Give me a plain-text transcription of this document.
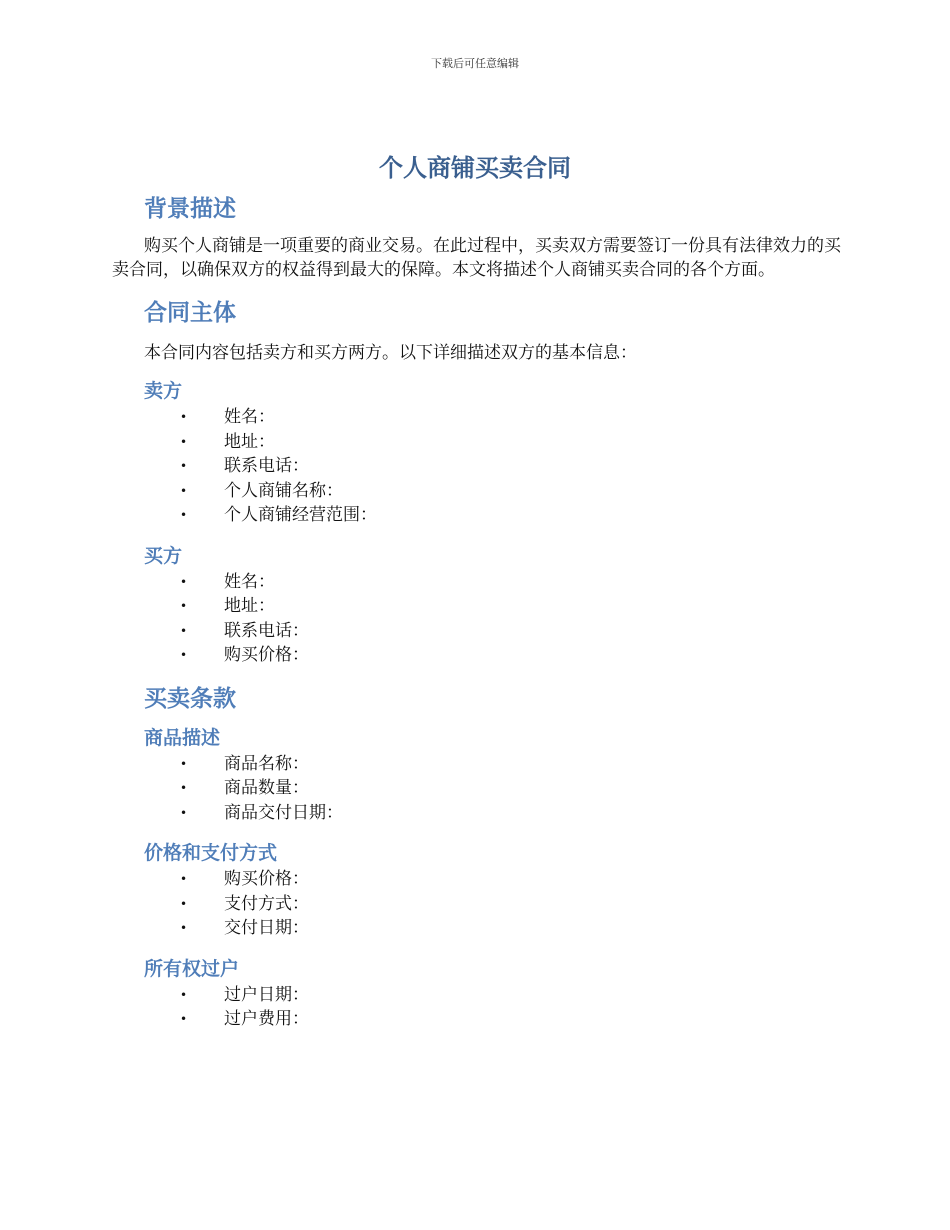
下载后可任意编辑
个人商铺买卖合同
背景描述

购买个人商铺是一项重要的商业交易。在此过程中，买卖双方需要签订一份具有法律效力的买卖合同，以确保双方的权益得到最大的保障。本文将描述个人商铺买卖合同的各个方面。

合同主体

本合同内容包括卖方和买方两方。以下详细描述双方的基本信息：

卖方
• 姓名：
• 地址：
• 联系电话：
• 个人商铺名称：
• 个人商铺经营范围：
买方
• 姓名：
• 地址：
• 联系电话：
• 购买价格：
买卖条款
商品描述
• 商品名称：
• 商品数量：
• 商品交付日期：
价格和支付方式
• 购买价格：
• 支付方式：
• 交付日期：
所有权过户
• 过户日期：
• 过户费用：
